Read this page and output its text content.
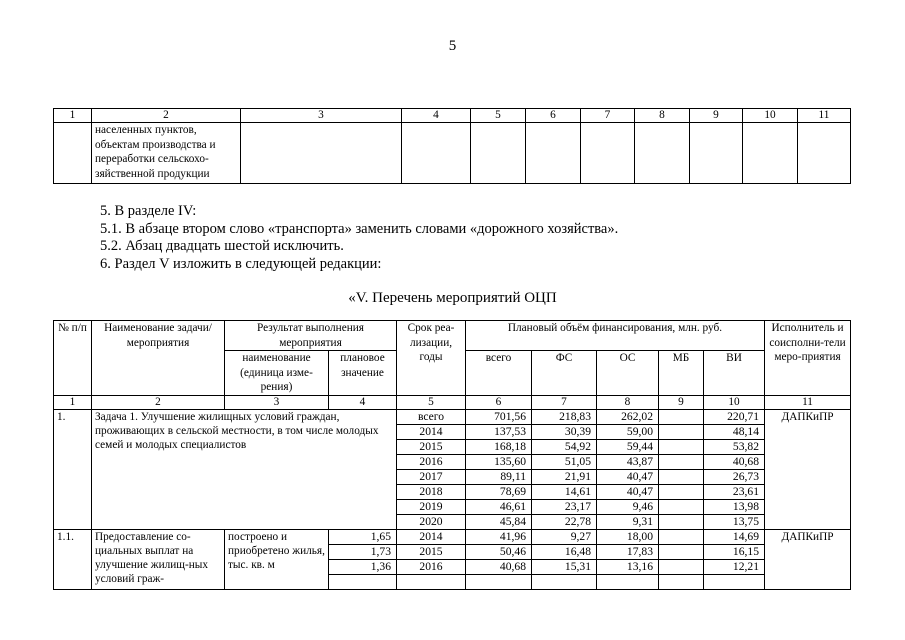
5
1	2	3	4	5	6	7	8	9	10	11
	населенных пунктов, объектам производства и переработки сельскохо-зяйственной продукции									
5. В разделе IV:
5.1. В абзаце втором слово «транспорта» заменить словами «дорожного хозяйства».
5.2. Абзац двадцать шестой исключить.
6. Раздел V изложить в следующей редакции:
«V. Перечень мероприятий ОЦП
№ п/п	Наименование задачи/мероприятия	Результат выполнения мероприятия		Срок реа-лизации, годы	Плановый объём финансирования, млн. руб.					Исполнитель и соисполни-тели меро-приятия
		наименование (единица изме-рения)	плановое значение		всего	ФС	ОС	МБ	ВИ	
1	2	3	4	5	6	7	8	9	10	11
1.	Задача 1. Улучшение жилищных условий граждан, проживающих в сельской местности, в том числе молодых семей и молодых специалистов			всего	701,56	218,83	262,02		220,71	ДАПКиПР
				2014	137,53	30,39	59,00		48,14	
				2015	168,18	54,92	59,44		53,82	
				2016	135,60	51,05	43,87		40,68	
				2017	89,11	21,91	40,47		26,73	
				2018	78,69	14,61	40,47		23,61	
				2019	46,61	23,17	9,46		13,98	
				2020	45,84	22,78	9,31		13,75	
1.1.	Предоставление со-циальных выплат на улучшение жилищ-ных условий граж-	построено и приобретено жилья, тыс. кв. м	1,65	2014	41,96	9,27	18,00		14,69	ДАПКиПР
			1,73	2015	50,46	16,48	17,83		16,15	
			1,36	2016	40,68	15,31	13,16		12,21	
